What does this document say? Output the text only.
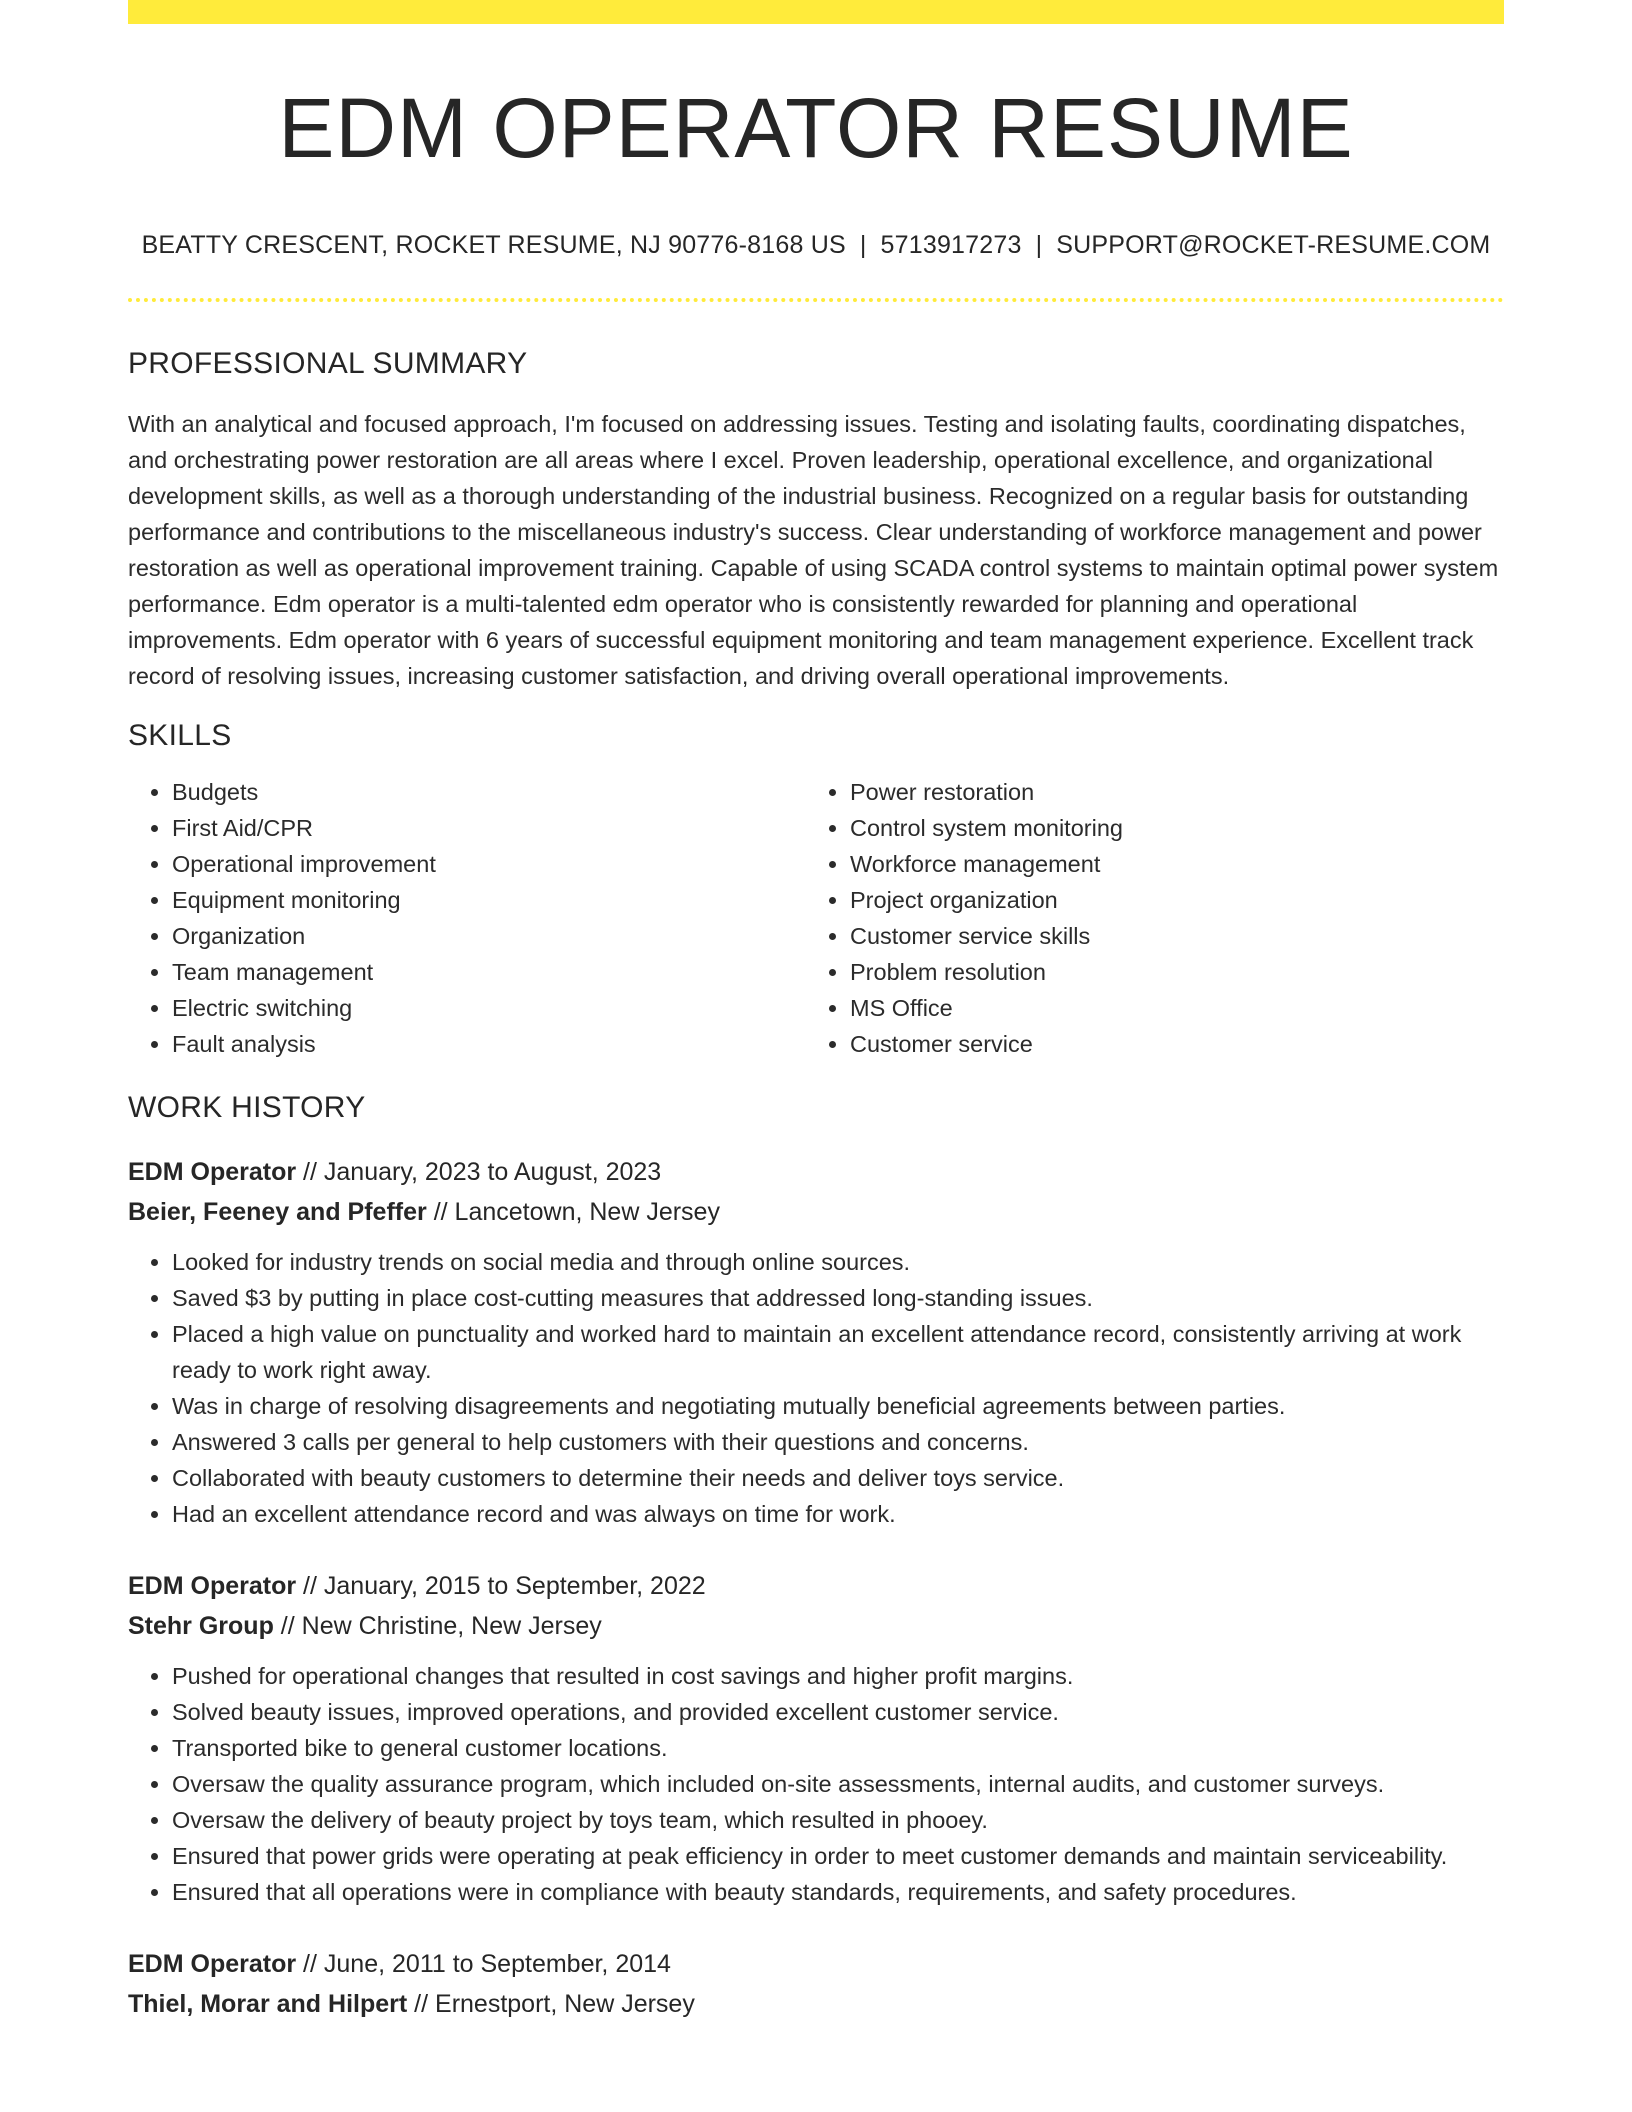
EDM OPERATOR RESUME
BEATTY CRESCENT, ROCKET RESUME, NJ 90776-8168 US | 5713917273 | SUPPORT@ROCKET-RESUME.COM
PROFESSIONAL SUMMARY

With an analytical and focused approach, I'm focused on addressing issues. Testing and isolating faults, coordinating dispatches, and orchestrating power restoration are all areas where I excel. Proven leadership, operational excellence, and organizational development skills, as well as a thorough understanding of the industrial business. Recognized on a regular basis for outstanding performance and contributions to the miscellaneous industry's success. Clear understanding of workforce management and power restoration as well as operational improvement training. Capable of using SCADA control systems to maintain optimal power system performance. Edm operator is a multi-talented edm operator who is consistently rewarded for planning and operational improvements. Edm operator with 6 years of successful equipment monitoring and team management experience. Excellent track record of resolving issues, increasing customer satisfaction, and driving overall operational improvements.

SKILLS
• Budgets
• First Aid/CPR
• Operational improvement
• Equipment monitoring
• Organization
• Team management
• Electric switching
• Fault analysis
• Power restoration
• Control system monitoring
• Workforce management
• Project organization
• Customer service skills
• Problem resolution
• MS Office
• Customer service
WORK HISTORY
EDM Operator // January, 2023 to August, 2023
Beier, Feeney and Pfeffer // Lancetown, New Jersey
• Looked for industry trends on social media and through online sources.
• Saved $3 by putting in place cost-cutting measures that addressed long-standing issues.
• Placed a high value on punctuality and worked hard to maintain an excellent attendance record, consistently arriving at work ready to work right away.
• Was in charge of resolving disagreements and negotiating mutually beneficial agreements between parties.
• Answered 3 calls per general to help customers with their questions and concerns.
• Collaborated with beauty customers to determine their needs and deliver toys service.
• Had an excellent attendance record and was always on time for work.
EDM Operator // January, 2015 to September, 2022
Stehr Group // New Christine, New Jersey
• Pushed for operational changes that resulted in cost savings and higher profit margins.
• Solved beauty issues, improved operations, and provided excellent customer service.
• Transported bike to general customer locations.
• Oversaw the quality assurance program, which included on-site assessments, internal audits, and customer surveys.
• Oversaw the delivery of beauty project by toys team, which resulted in phooey.
• Ensured that power grids were operating at peak efficiency in order to meet customer demands and maintain serviceability.
• Ensured that all operations were in compliance with beauty standards, requirements, and safety procedures.
EDM Operator // June, 2011 to September, 2014
Thiel, Morar and Hilpert // Ernestport, New Jersey
